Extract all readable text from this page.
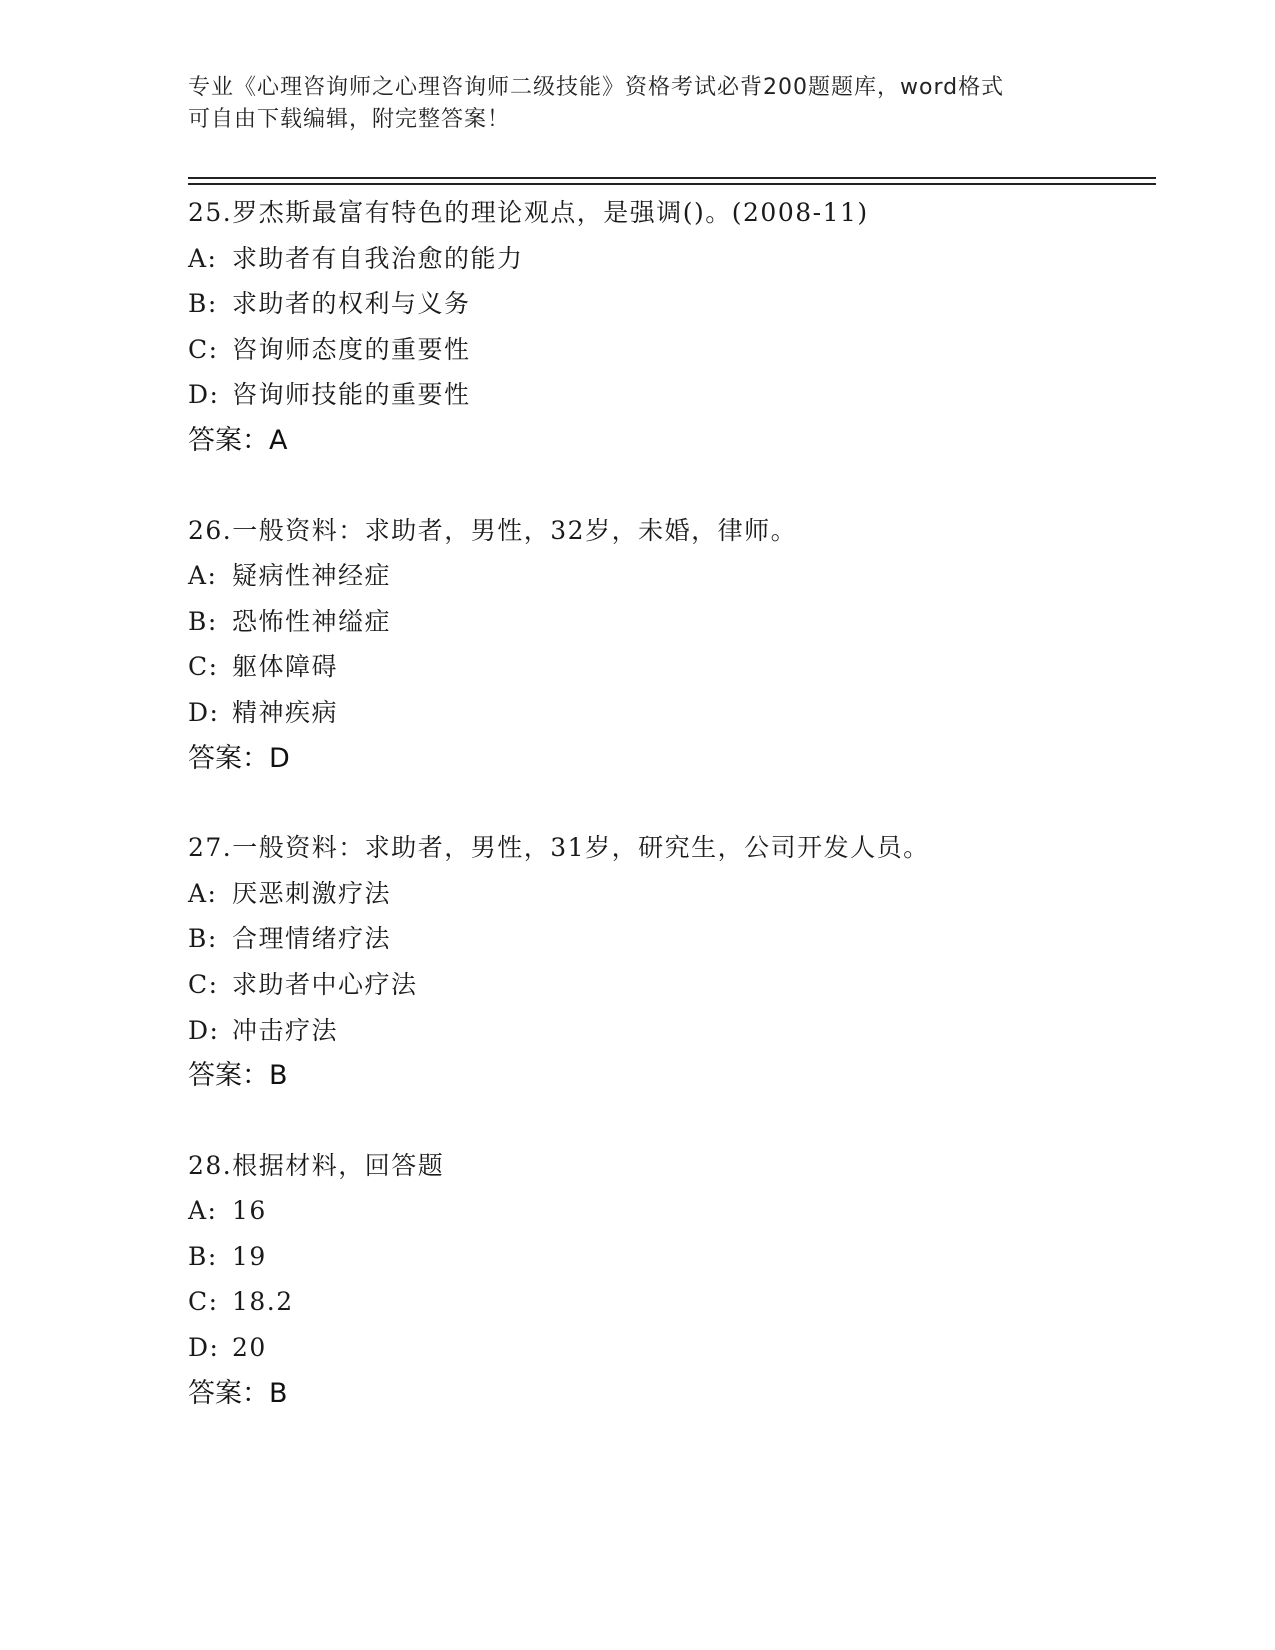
专业《心理咨询师之心理咨询师二级技能》资格考试必背200题题库，word格式
可自由下载编辑，附完整答案！
25.罗杰斯最富有特色的理论观点，是强调()。(2008-11)
A: 求助者有自我治愈的能力
B: 求助者的权利与义务
C: 咨询师态度的重要性
D: 咨询师技能的重要性
答案：A
26.一般资料：求助者，男性，32岁，未婚，律师。
A: 疑病性神经症
B: 恐怖性神缢症
C: 躯体障碍
D: 精神疾病
答案：D
27.一般资料：求助者，男性，31岁，研究生，公司开发人员。
A: 厌恶刺激疗法
B: 合理情绪疗法
C: 求助者中心疗法
D: 冲击疗法
答案：B
28.根据材料，回答题
A: 16
B: 19
C: 18.2
D: 20
答案：B
